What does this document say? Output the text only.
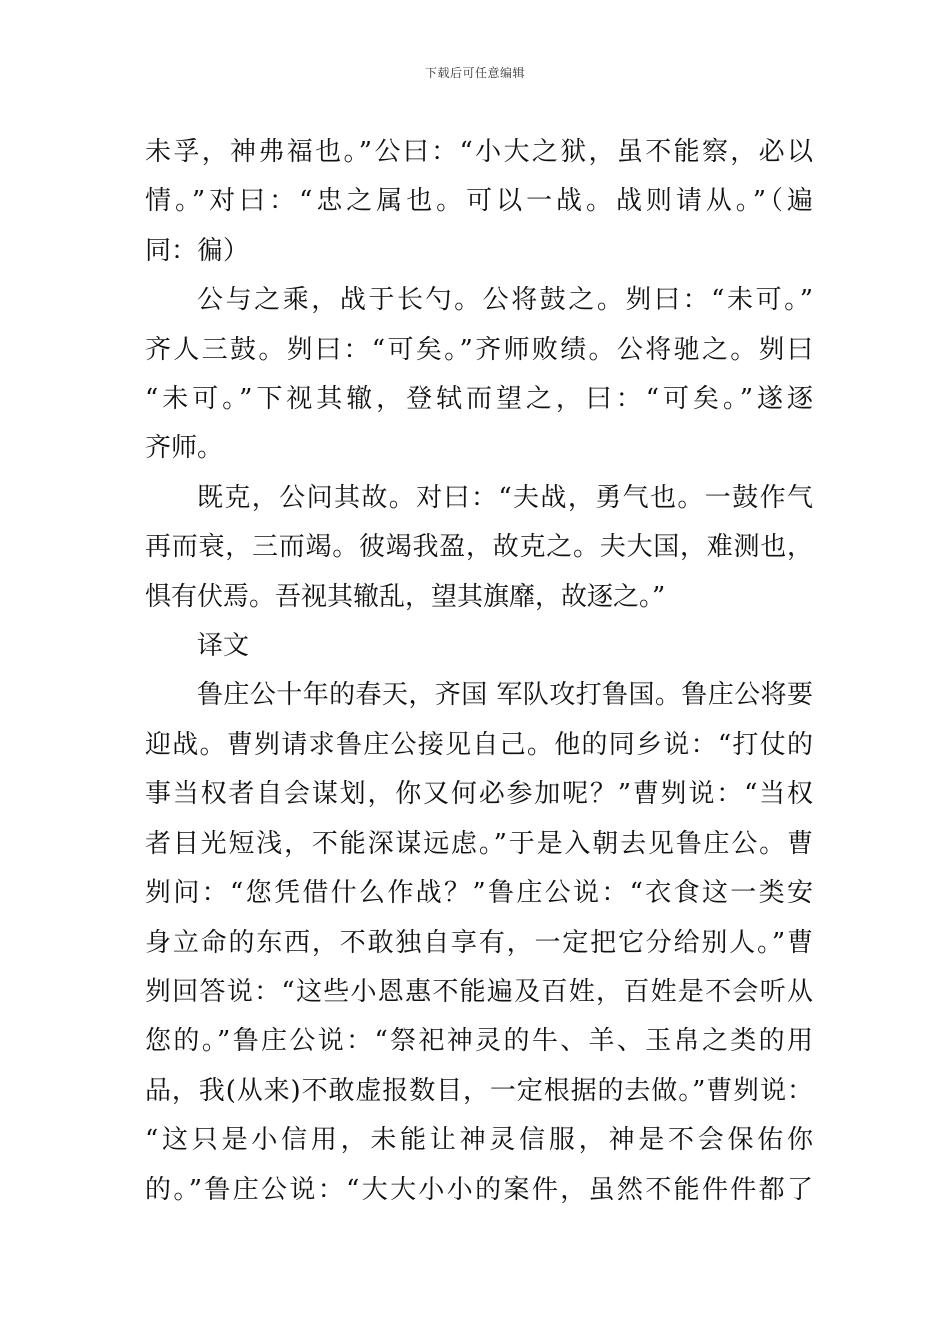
下载后可任意编辑

未孚，神弗福也。”公曰：“小大之狱，虽不能察，必以
情。”对曰：“忠之属也。可以一战。战则请从。”（遍
同：徧）

公与之乘，战于长勺。公将鼓之。刿曰：“未可。”
齐人三鼓。刿曰：“可矣。”齐师败绩。公将驰之。刿曰
“未可。”下视其辙，登轼而望之，曰：“可矣。”遂逐
齐师。

既克，公问其故。对曰：“夫战，勇气也。一鼓作气
再而衰，三而竭。彼竭我盈，故克之。夫大国，难测也，
惧有伏焉。吾视其辙乱，望其旗靡，故逐之。”

译文

鲁庄公十年的春天，齐国 军队攻打鲁国。鲁庄公将要
迎战。曹刿请求鲁庄公接见自己。他的同乡说：“打仗的
事当权者自会谋划，你又何必参加呢？”曹刿说：“当权
者目光短浅，不能深谋远虑。”于是入朝去见鲁庄公。曹
刿问：“您凭借什么作战？”鲁庄公说：“衣食这一类安
身立命的东西，不敢独自享有，一定把它分给别人。”曹
刿回答说：“这些小恩惠不能遍及百姓，百姓是不会听从
您的。”鲁庄公说：“祭祀神灵的牛、羊、玉帛之类的用
品，我(从来)不敢虚报数目，一定根据的去做。”曹刿说：
“这只是小信用，未能让神灵信服，神是不会保佑你
的。”鲁庄公说：“大大小小的案件，虽然不能件件都了
